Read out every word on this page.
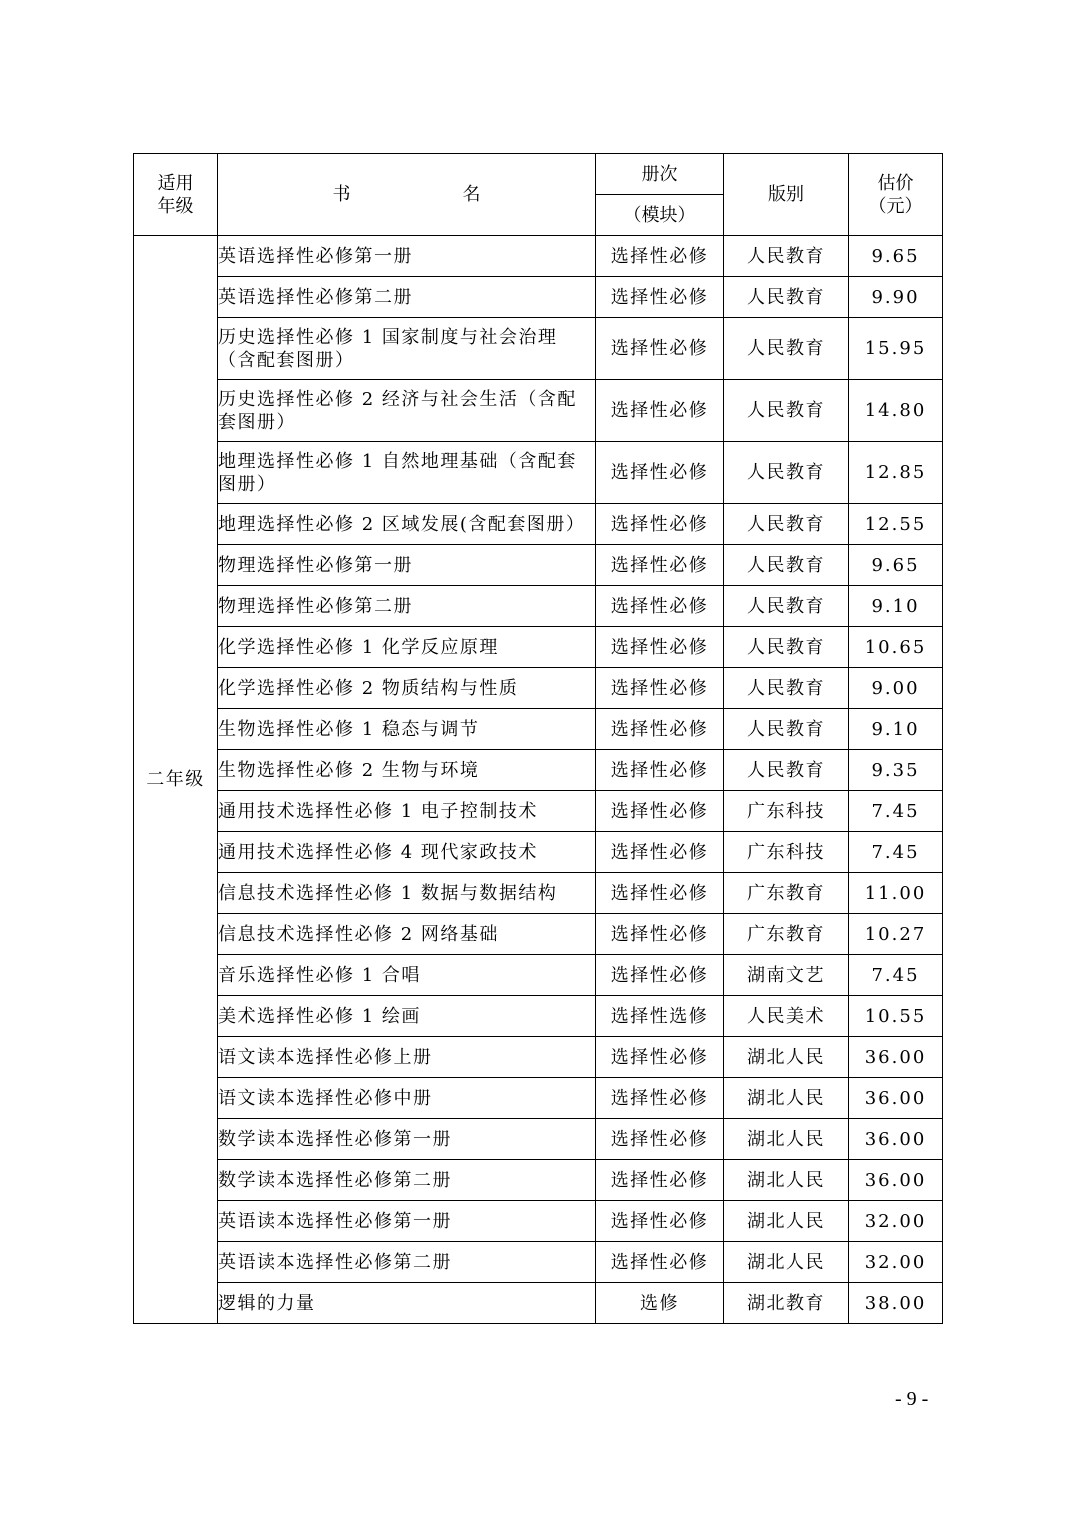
适用
年级	书 名	册次	版别	估价
（元）
		（模块）		
二年级	英语选择性必修第一册	选择性必修	人民教育	9.65
	英语选择性必修第二册	选择性必修	人民教育	9.90
	历史选择性必修 1 国家制度与社会治理（含配套图册）	选择性必修	人民教育	15.95
	历史选择性必修 2 经济与社会生活（含配套图册）	选择性必修	人民教育	14.80
	地理选择性必修 1 自然地理基础（含配套图册）	选择性必修	人民教育	12.85
	地理选择性必修 2 区域发展(含配套图册）	选择性必修	人民教育	12.55
	物理选择性必修第一册	选择性必修	人民教育	9.65
	物理选择性必修第二册	选择性必修	人民教育	9.10
	化学选择性必修 1 化学反应原理	选择性必修	人民教育	10.65
	化学选择性必修 2 物质结构与性质	选择性必修	人民教育	9.00
	生物选择性必修 1 稳态与调节	选择性必修	人民教育	9.10
	生物选择性必修 2 生物与环境	选择性必修	人民教育	9.35
	通用技术选择性必修 1 电子控制技术	选择性必修	广东科技	7.45
	通用技术选择性必修 4 现代家政技术	选择性必修	广东科技	7.45
	信息技术选择性必修 1 数据与数据结构	选择性必修	广东教育	11.00
	信息技术选择性必修 2 网络基础	选择性必修	广东教育	10.27
	音乐选择性必修 1 合唱	选择性必修	湖南文艺	7.45
	美术选择性必修 1 绘画	选择性选修	人民美术	10.55
	语文读本选择性必修上册	选择性必修	湖北人民	36.00
	语文读本选择性必修中册	选择性必修	湖北人民	36.00
	数学读本选择性必修第一册	选择性必修	湖北人民	36.00
	数学读本选择性必修第二册	选择性必修	湖北人民	36.00
	英语读本选择性必修第一册	选择性必修	湖北人民	32.00
	英语读本选择性必修第二册	选择性必修	湖北人民	32.00
	逻辑的力量	选修	湖北教育	38.00
- 9 -
